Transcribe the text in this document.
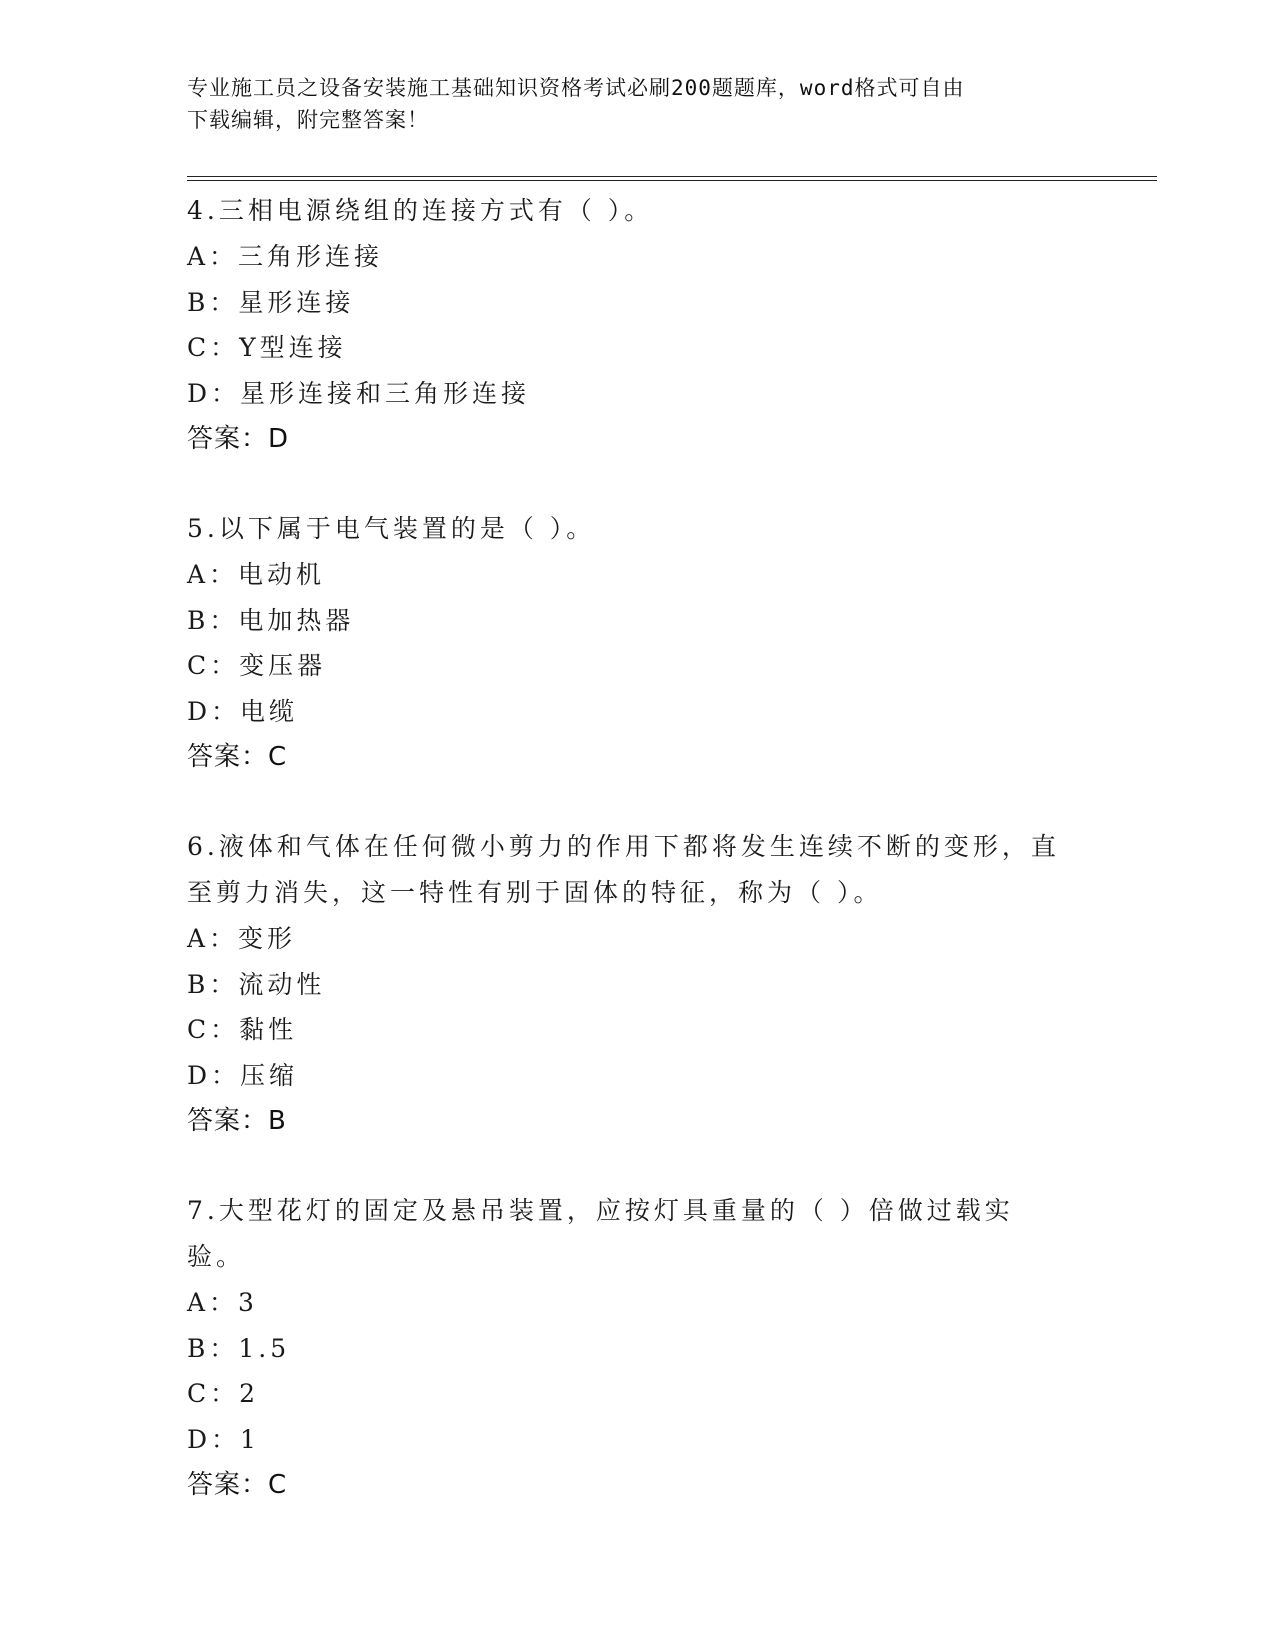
专业施工员之设备安装施工基础知识资格考试必刷200题题库，word格式可自由
下载编辑，附完整答案！

4.三相电源绕组的连接方式有（ ）。

A：三角形连接

B：星形连接

C：Y型连接

D：星形连接和三角形连接

答案：D

5.以下属于电气装置的是（ ）。

A：电动机

B：电加热器

C：变压器

D：电缆

答案：C

6.液体和气体在任何微小剪力的作用下都将发生连续不断的变形，直至剪力消失，这一特性有别于固体的特征，称为（ ）。

A：变形

B：流动性

C：黏性

D：压缩

答案：B

7.大型花灯的固定及悬吊装置，应按灯具重量的（ ）倍做过载实验。

A：3

B：1.5

C：2

D：1

答案：C
